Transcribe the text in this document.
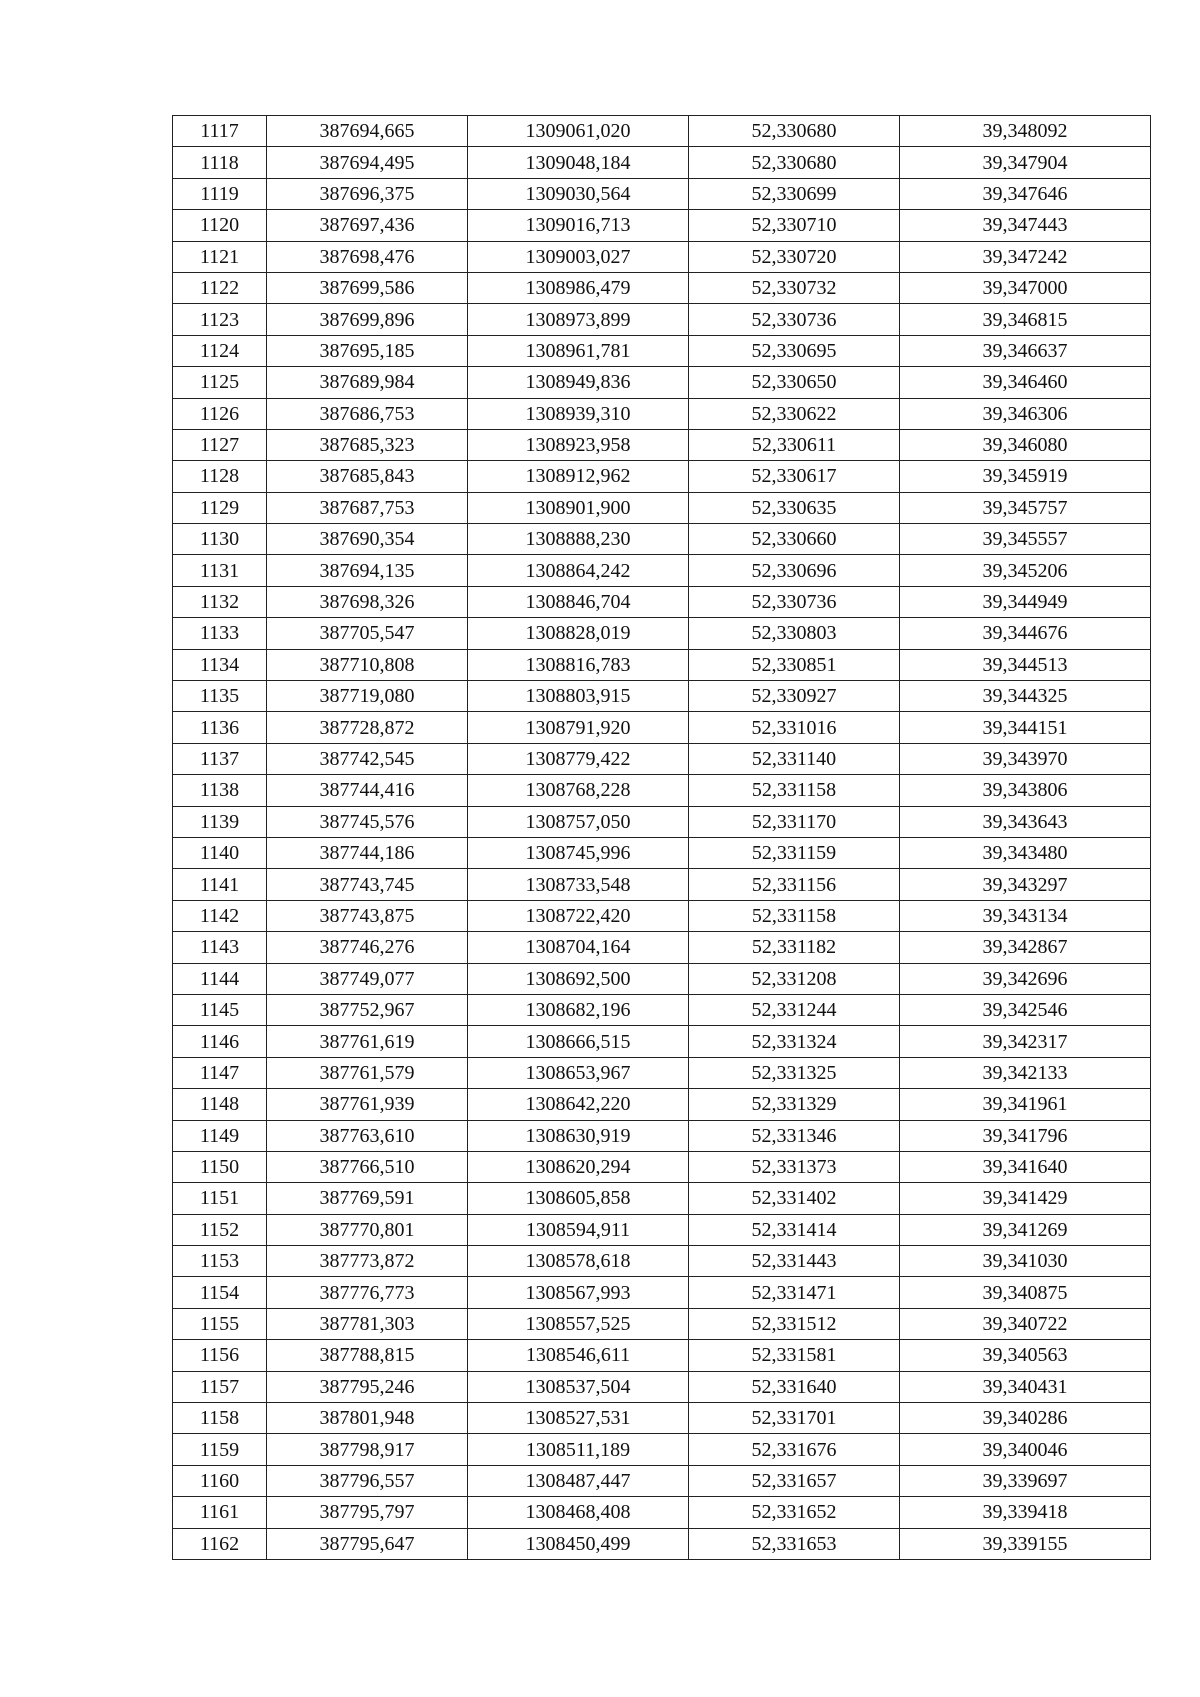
1117	387694,665	1309061,020	52,330680	39,348092
1118	387694,495	1309048,184	52,330680	39,347904
1119	387696,375	1309030,564	52,330699	39,347646
1120	387697,436	1309016,713	52,330710	39,347443
1121	387698,476	1309003,027	52,330720	39,347242
1122	387699,586	1308986,479	52,330732	39,347000
1123	387699,896	1308973,899	52,330736	39,346815
1124	387695,185	1308961,781	52,330695	39,346637
1125	387689,984	1308949,836	52,330650	39,346460
1126	387686,753	1308939,310	52,330622	39,346306
1127	387685,323	1308923,958	52,330611	39,346080
1128	387685,843	1308912,962	52,330617	39,345919
1129	387687,753	1308901,900	52,330635	39,345757
1130	387690,354	1308888,230	52,330660	39,345557
1131	387694,135	1308864,242	52,330696	39,345206
1132	387698,326	1308846,704	52,330736	39,344949
1133	387705,547	1308828,019	52,330803	39,344676
1134	387710,808	1308816,783	52,330851	39,344513
1135	387719,080	1308803,915	52,330927	39,344325
1136	387728,872	1308791,920	52,331016	39,344151
1137	387742,545	1308779,422	52,331140	39,343970
1138	387744,416	1308768,228	52,331158	39,343806
1139	387745,576	1308757,050	52,331170	39,343643
1140	387744,186	1308745,996	52,331159	39,343480
1141	387743,745	1308733,548	52,331156	39,343297
1142	387743,875	1308722,420	52,331158	39,343134
1143	387746,276	1308704,164	52,331182	39,342867
1144	387749,077	1308692,500	52,331208	39,342696
1145	387752,967	1308682,196	52,331244	39,342546
1146	387761,619	1308666,515	52,331324	39,342317
1147	387761,579	1308653,967	52,331325	39,342133
1148	387761,939	1308642,220	52,331329	39,341961
1149	387763,610	1308630,919	52,331346	39,341796
1150	387766,510	1308620,294	52,331373	39,341640
1151	387769,591	1308605,858	52,331402	39,341429
1152	387770,801	1308594,911	52,331414	39,341269
1153	387773,872	1308578,618	52,331443	39,341030
1154	387776,773	1308567,993	52,331471	39,340875
1155	387781,303	1308557,525	52,331512	39,340722
1156	387788,815	1308546,611	52,331581	39,340563
1157	387795,246	1308537,504	52,331640	39,340431
1158	387801,948	1308527,531	52,331701	39,340286
1159	387798,917	1308511,189	52,331676	39,340046
1160	387796,557	1308487,447	52,331657	39,339697
1161	387795,797	1308468,408	52,331652	39,339418
1162	387795,647	1308450,499	52,331653	39,339155
